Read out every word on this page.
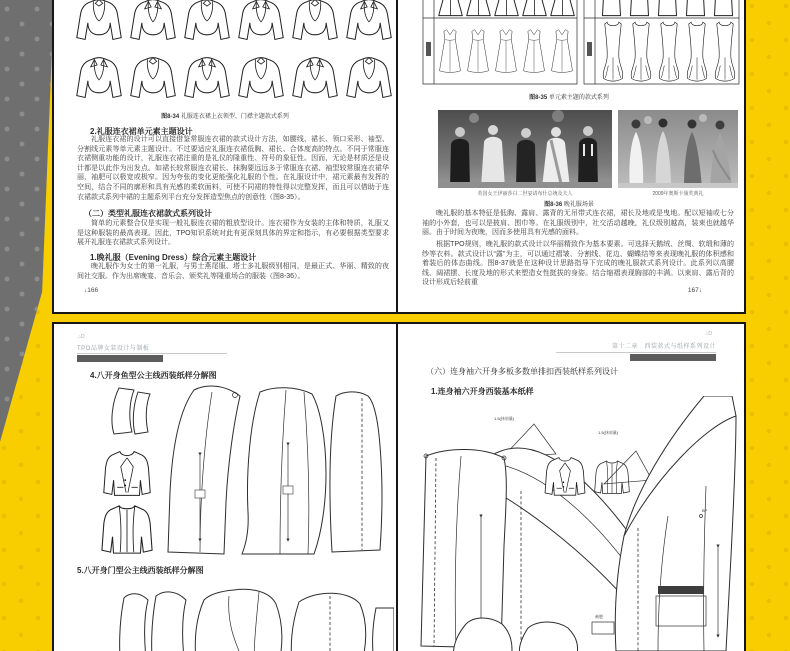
图8-34 礼服连衣裙上衣领型、门襟主题款式系列
2.礼服连衣裙单元素主题设计
礼服连衣裙的设计可以直接借鉴常服连衣裙的款式设计方法，如腰线、裙长、领口采形、袖型、分割线元素等单元素主题设计。不过要适应礼服连衣裙低胸、裙长、合体度高的特点。不同于常服连衣裙侧重功能的设计，礼服连衣裙注重的是礼仪的隆重性、符号的象征性。因而，无论是材质还是设计都是以此作为出发点。如裙长较常服连衣裙长、抹胸要远远多于常服连衣裙、袖型较常服连衣裙华丽、袖肥可以极宽或极窄。因为夸张的变化更能强化礼服的个性。在礼服设计中，裙元素最有发挥的空间，结合不同的廓形和具有光感的柔软面料，可使不同裙的特性得以完整发挥，而且可以借助于连衣裙款式系列中裙的主题系列平台充分发挥造型焦点的创意性（图8-35）。
（二）类型礼服连衣裙款式系列设计
简单的元素整合仅是实现一般礼服连衣裙的粗放型设计。连衣裙作为女装的主体和特质，礼服又是这种服装的最高表现。因此，TPO知识系统对此有更深刻具体的界定和指示，有必要根据类型要求展开礼服连衣裙款式系列设计。
1.晚礼服（Evening Dress）综合元素主题设计
晚礼服作为女士的第一礼服，与男士燕尾服、塔士多礼服级别相同，是最正式、华丽、精致的夜间社交服。作为出席晚宴、音乐会、颁奖礼等隆重场合的服装（图8-36）。
↓166
图8-35 单元素主题的款式系列
英国女王伊丽莎白二世宴请布什总统及夫人	2009年奥斯卡颁奖典礼
图8-36 晚礼服场景
晚礼服的基本特征是低胸、露肩、露背的无吊带式连衣裙，裙长及地或是曳地。配以短袖或七分袖的小外套，也可以是披肩、围巾等。在礼服级别中，社交活动越晚，礼仪级别越高，装束也就越华丽。由于时间为夜晚，因而多使用具有光感的面料。
根据TPO规则，晚礼服的款式设计以华丽精致作为基本要素。可选择天鹅绒、丝绸、软缎和薄的纱等衣料。款式设计以“露”为主，可以通过褶皱、分割线、花边、蝴蝶结等来表现晚礼服的体积感和着装后的体态曲线。图8-37就是在这种设计思路指导下完成的晚礼服款式系列设计。此系列以高腰线、阔裙摆、长度及地的形式来塑造女性挺拔的身姿。结合缩褶表现胸部的丰满。以束肩、露后背的设计形成后轻前重
167↓
⌂D
TPO品牌女装设计与制板
4.八开身鱼型公主线西装纸样分解图
5.八开身门型公主线西装纸样分解图
⌂D
第十二章　西装款式与纸样系列设计
（六）连身袖六开身多板多数单排扣西装纸样系列设计
1.连身袖六开身西装基本纸样
1.5(抹肩量)
1.5(抹肩量)
BP
袖肥
